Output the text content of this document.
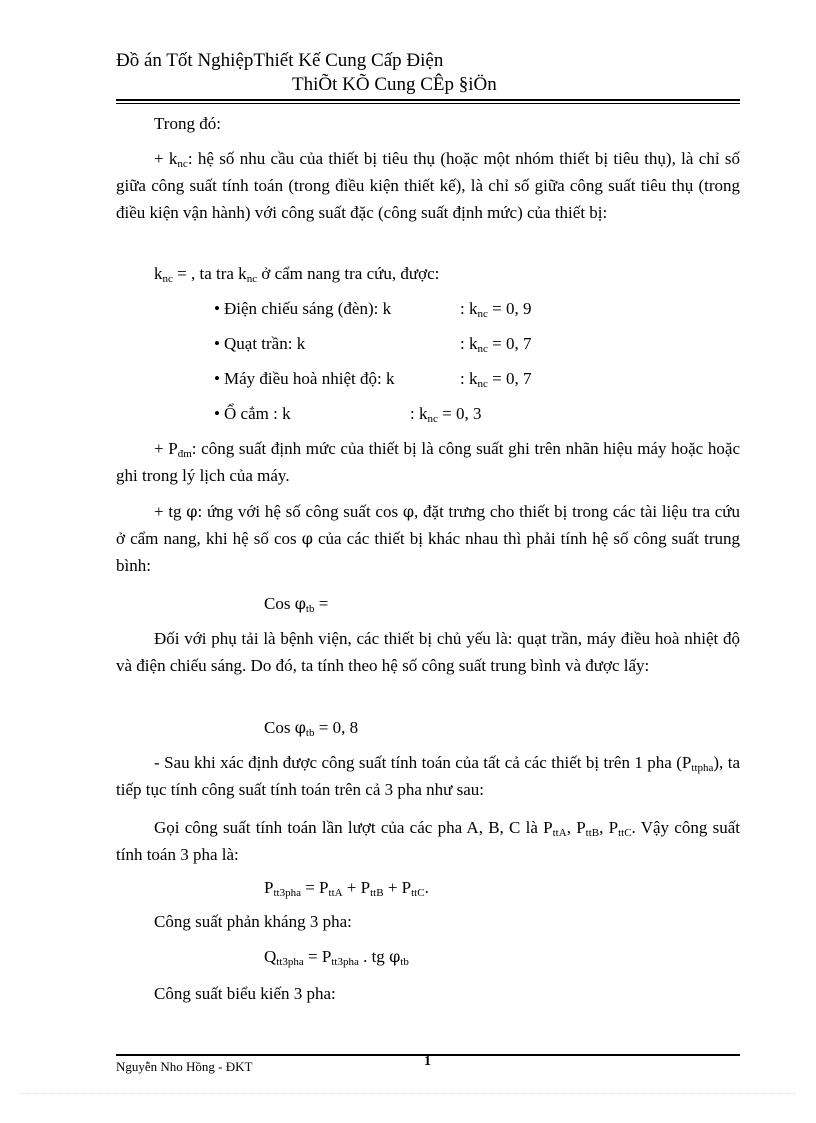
Đồ án Tốt NghiệpThiết Kế Cung Cấp Điện
ThiÕt KÕ Cung CÊp §iÖn
Trong đó:
+ $k_{nc}$: hệ số nhu cầu của thiết bị tiêu thụ (hoặc một nhóm thiết bị tiêu thụ), là chỉ số giữa công suất tính toán (trong điều kiện thiết kế), là chỉ số giữa công suất tiêu thụ (trong điều kiện vận hành) với công suất đặc (công suất định mức) của thiết bị:
$k_{nc}$ = , ta tra $k_{nc}$ ở cẩm nang tra cứu, được:
• Điện chiếu sáng (đèn): k	: $k_{nc} = 0$, 9
• Quạt trần: k	: $k_{nc} = 0$, 7
• Máy điều hoà nhiệt độ: k	: $k_{nc} = 0$, 7
• Ổ cắm : k	: $k_{nc} = 0$, 3
+ $P_{đm}$: công suất định mức của thiết bị là công suất ghi trên nhãn hiệu máy hoặc hoặc ghi trong lý lịch của máy.
+ tg φ: ứng với hệ số công suất cos φ, đặt trưng cho thiết bị trong các tài liệu tra cứu ở cẩm nang, khi hệ số cos φ của các thiết bị khác nhau thì phải tính hệ số công suất trung bình:
Cos $\varphi_{tb}$ =
Đối với phụ tải là bệnh viện, các thiết bị chủ yếu là: quạt trần, máy điều hoà nhiệt độ và điện chiếu sáng. Do đó, ta tính theo hệ số công suất trung bình và được lấy:
Cos $\varphi_{tb} = 0$, 8
- Sau khi xác định được công suất tính toán của tất cả các thiết bị trên 1 pha $(P_{ttpha})$, ta tiếp tục tính công suất tính toán trên cả 3 pha như sau:
Gọi công suất tính toán lần lượt của các pha A, B, C là $P_{ttA}$, $P_{ttB}$, $P_{ttC}$. Vậy công suất tính toán 3 pha là:
$P_{tt3pha} = P_{ttA} + P_{ttB} + P_{ttC}$.
Công suất phản kháng 3 pha:
$Q_{tt3pha} = P_{tt3pha}$ . tg $\varphi_{tb}$
Công suất biểu kiến 3 pha:
Nguyễn Nho Hồng - ĐKT	1
